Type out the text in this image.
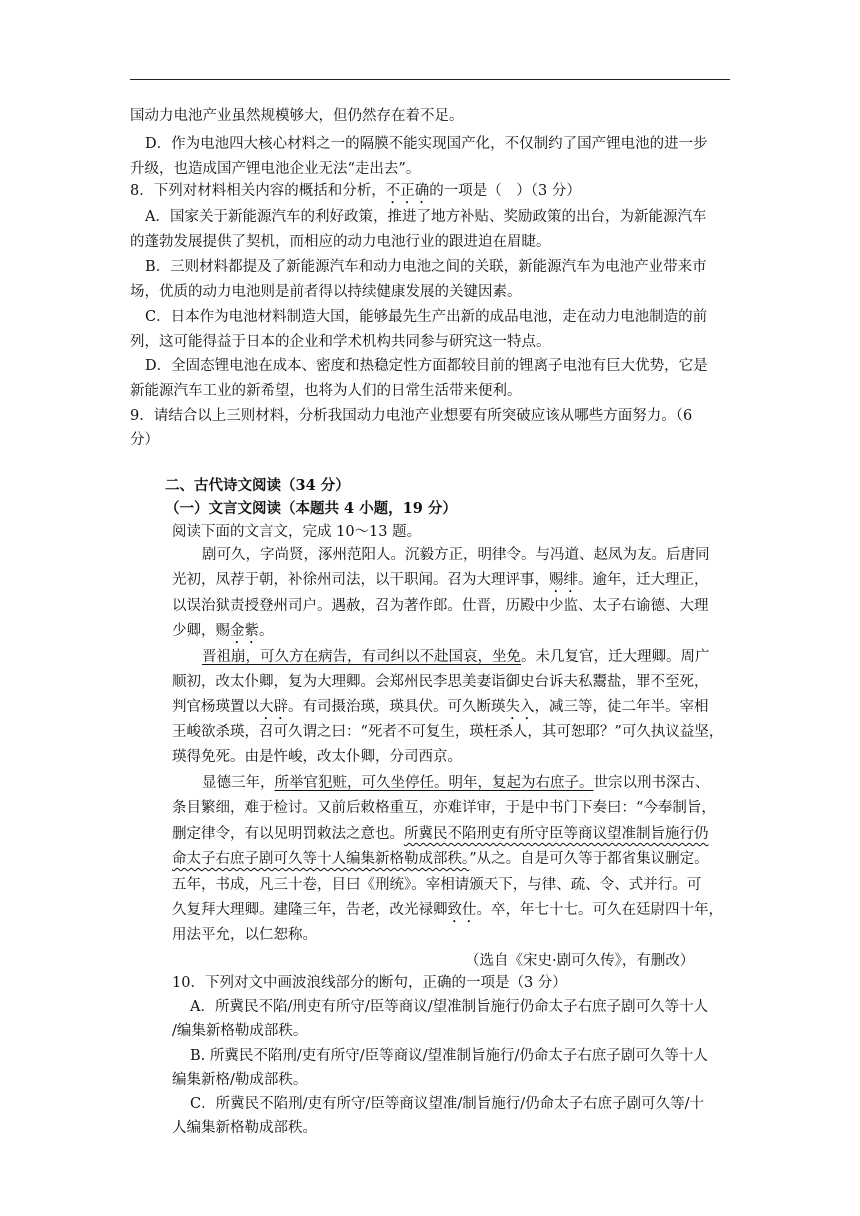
国动力电池产业虽然规模够大，但仍然存在着不足。
D．作为电池四大核心材料之一的隔膜不能实现国产化，不仅制约了国产锂电池的进一步
升级，也造成国产锂电池企业无法“走出去”。
8．下列对材料相关内容的概括和分析，不正确的一项是（　）（3 分）
A．国家关于新能源汽车的利好政策，推进了地方补贴、奖励政策的出台，为新能源汽车
的蓬勃发展提供了契机，而相应的动力电池行业的跟进迫在眉睫。
B．三则材料都提及了新能源汽车和动力电池之间的关联，新能源汽车为电池产业带来市
场，优质的动力电池则是前者得以持续健康发展的关键因素。
C．日本作为电池材料制造大国，能够最先生产出新的成品电池，走在动力电池制造的前
列，这可能得益于日本的企业和学术机构共同参与研究这一特点。
D．全固态锂电池在成本、密度和热稳定性方面都较目前的锂离子电池有巨大优势，它是
新能源汽车工业的新希望，也将为人们的日常生活带来便利。
9．请结合以上三则材料，分析我国动力电池产业想要有所突破应该从哪些方面努力。（6
分）
二、古代诗文阅读（34 分）
（一）文言文阅读（本题共 4 小题，19 分）
阅读下面的文言文，完成 10～13 题。
剧可久，字尚贤，涿州范阳人。沉毅方正，明律令。与冯道、赵凤为友。后唐同
光初，凤荐于朝，补徐州司法，以干职闻。召为大理评事，赐绯。逾年，迁大理正，
以误治狱责授登州司户。遇赦，召为著作郎。仕晋，历殿中少监、太子右谕德、大理
少卿，赐金紫。
晋祖崩，可久方在病告，有司纠以不赴国哀，坐免。未几复官，迁大理卿。周广
顺初，改太仆卿，复为大理卿。会郑州民李思美妻诣御史台诉夫私鬻盐，罪不至死，
判官杨瑛置以大辟。有司摄治瑛，瑛具伏。可久断瑛失入，减三等，徒二年半。宰相
王峻欲杀瑛，召可久谓之曰：“死者不可复生，瑛枉杀人，其可恕耶？”可久执议益坚，
瑛得免死。由是忤峻，改太仆卿，分司西京。
显德三年，所举官犯赃，可久坐停任。明年，复起为右庶子。世宗以刑书深古、
条目繁细，难于检讨。又前后敕格重互，亦难详审，于是中书门下奏曰：“今奉制旨，
删定律令，有以见明罚敕法之意也。所冀民不陷刑吏有所守臣等商议望准制旨施行仍
命太子右庶子剧可久等十人编集新格勒成部秩。”从之。自是可久等于都省集议删定。
五年，书成，凡三十卷，目曰《刑统》。宰相请颁天下，与律、疏、令、式并行。可
久复拜大理卿。建隆三年，告老，改光禄卿致仕。卒，年七十七。可久在廷尉四十年，
用法平允，以仁恕称。
（选自《宋史·剧可久传》，有删改）
10．下列对文中画波浪线部分的断句，正确的一项是（3 分）
A．所冀民不陷/刑吏有所守/臣等商议/望准制旨施行仍命太子右庶子剧可久等十人
/编集新格勒成部秩。
B. 所冀民不陷刑/吏有所守/臣等商议/望准制旨施行/仍命太子右庶子剧可久等十人
编集新格/勒成部秩。
C．所冀民不陷刑/吏有所守/臣等商议望准/制旨施行/仍命太子右庶子剧可久等/十
人编集新格勒成部秩。
